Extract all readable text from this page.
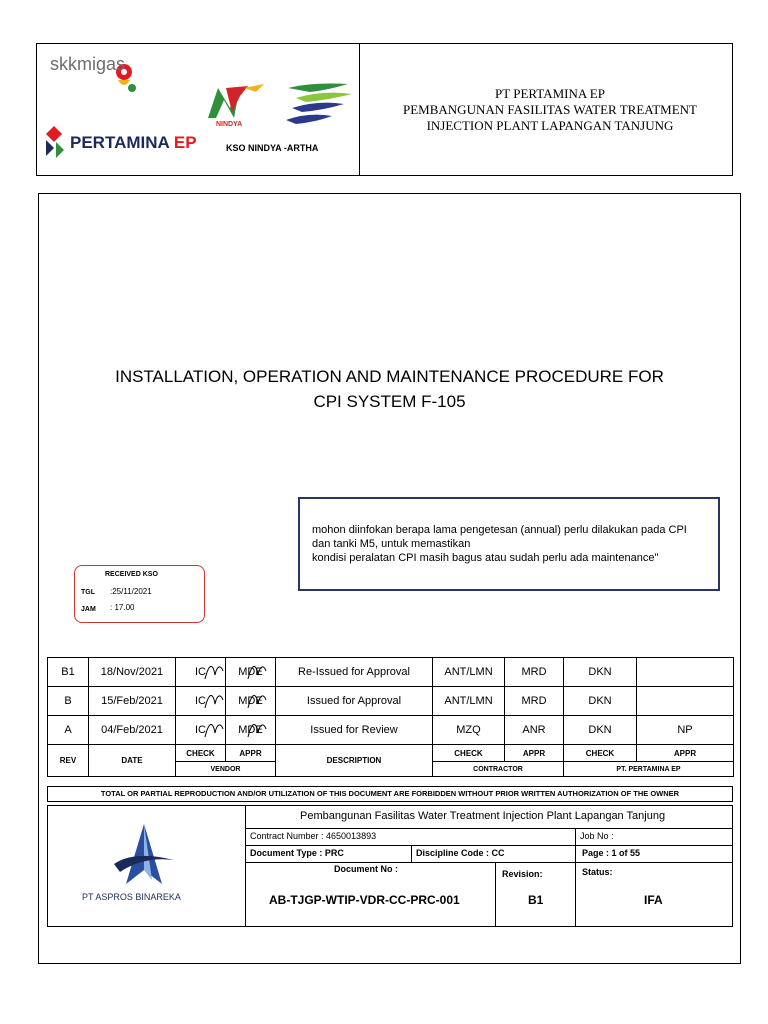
skkmigas
PERTAMINA EP
NINDYA
KSO NINDYA -ARTHA
PT PERTAMINA EP
PEMBANGUNAN FASILITAS WATER TREATMENT
INJECTION PLANT LAPANGAN TANJUNG
INSTALLATION, OPERATION AND MAINTENANCE PROCEDURE FOR
CPI SYSTEM F-105
mohon diinfokan berapa lama pengetesan (annual) perlu dilakukan pada CPI
dan tanki M5, untuk memastikan
kondisi peralatan CPI masih bagus atau sudah perlu ada maintenance"
RECEIVED KSO
TGL :25/11/2021
JAM : 17.00
B1	18/Nov/2021	IC	MDE	Re-Issued for Approval	ANT/LMN	MRD	DKN	
B	15/Feb/2021	IC	MDE	Issued for Approval	ANT/LMN	MRD	DKN	
A	04/Feb/2021	IC	MDE	Issued for Review	MZQ	ANR	DKN	NP
REV	DATE	CHECK	APPR	DESCRIPTION	CHECK	APPR	CHECK	APPR
		VENDOR			CONTRACTOR		PT. PERTAMINA EP	
TOTAL OR PARTIAL REPRODUCTION AND/OR UTILIZATION OF THIS DOCUMENT ARE FORBIDDEN WITHOUT PRIOR WRITTEN AUTHORIZATION OF THE OWNER
PT ASPROS BINAREKA
Pembangunan Fasilitas Water Treatment Injection Plant Lapangan Tanjung
Contract Number : 4650013893	Job No :
Document Type : PRC	Discipline Code : CC	Page : 1 of 55
Document No :	Revision:	Status:
AB-TJGP-WTIP-VDR-CC-PRC-001	B1	IFA
